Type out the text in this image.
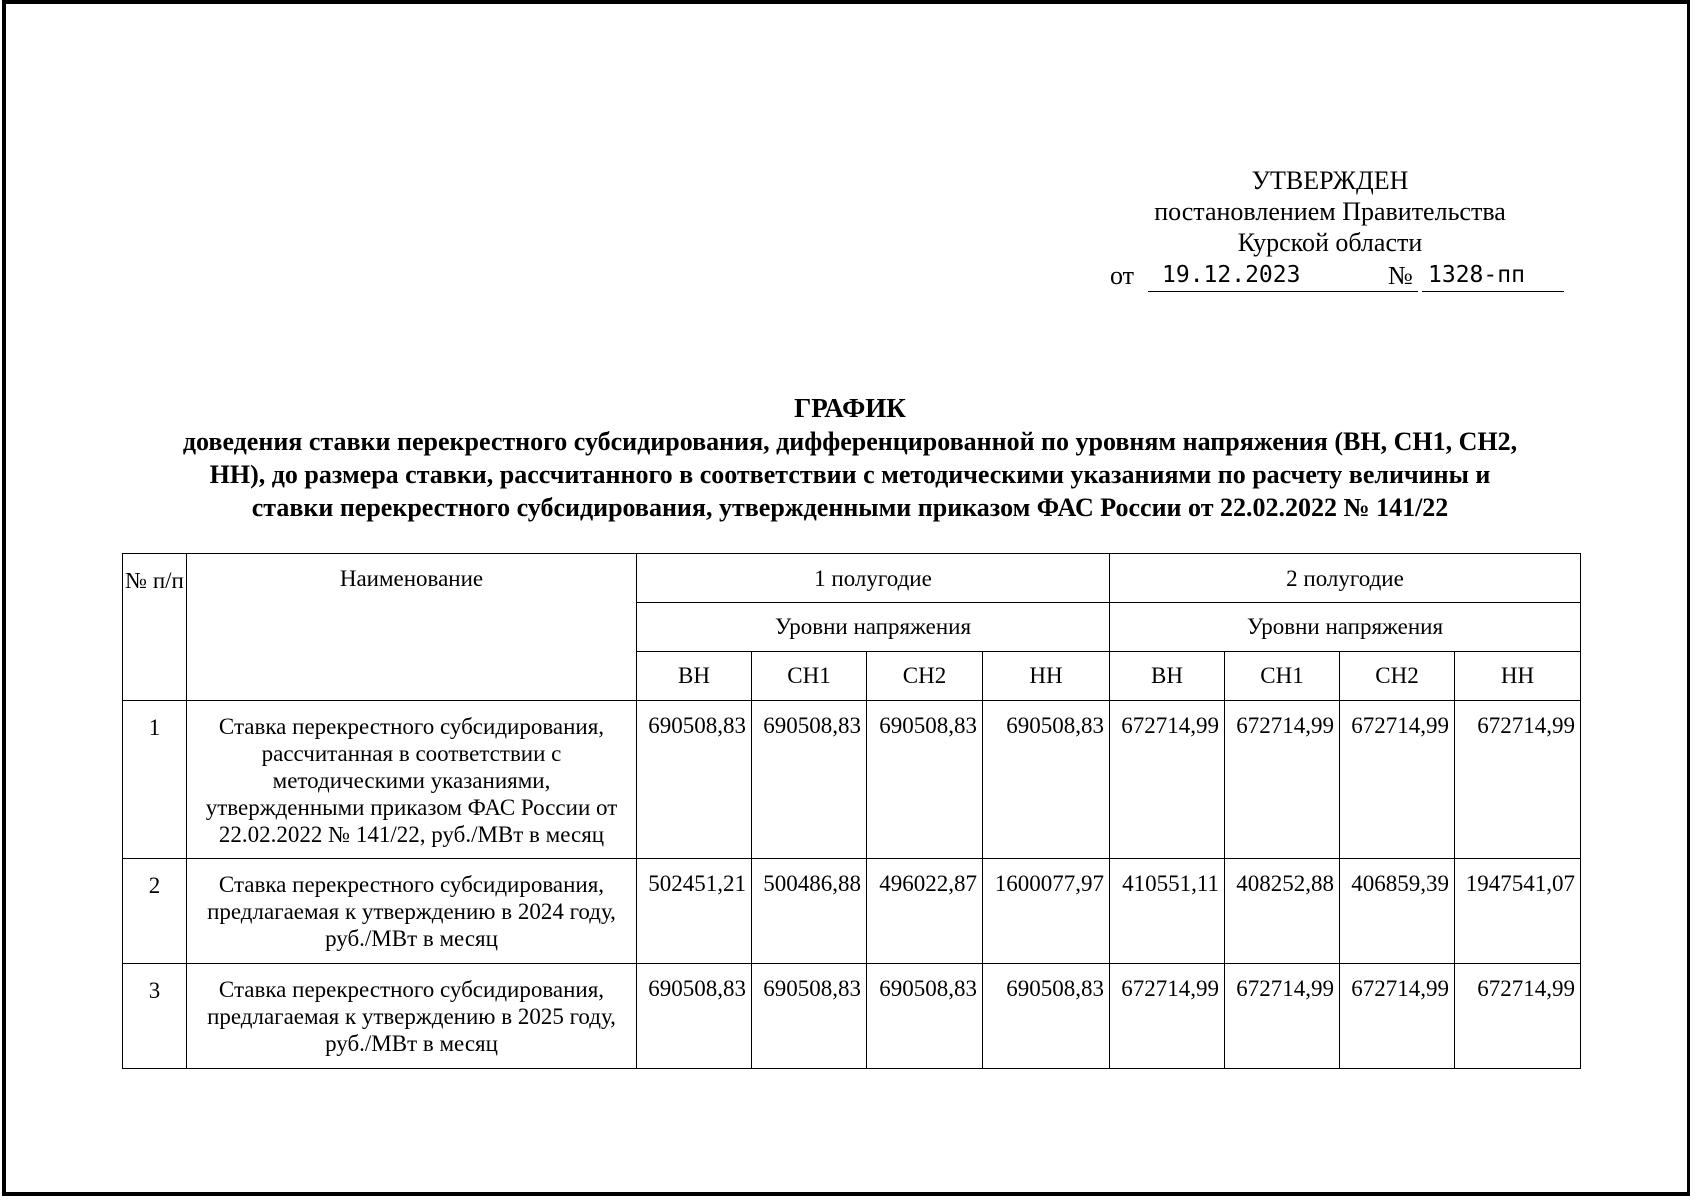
УТВЕРЖДЕН
постановлением Правительства
Курской области
от	19.12.2023	№ 1328-пп
ГРАФИК
доведения ставки перекрестного субсидирования, дифференцированной по уровням напряжения (ВН, СН1, СН2,
НН), до размера ставки, рассчитанного в соответствии с методическими указаниями по расчету величины и
ставки перекрестного субсидирования, утвержденными приказом ФАС России от 22.02.2022 № 141/22
№ п/п	Наименование	1 полугодие				2 полугодие			
		Уровни напряжения				Уровни напряжения			
		ВН	СН1	СН2	НН	ВН	СН1	СН2	НН
1	Ставка перекрестного субсидирования, рассчитанная в соответствии с методическими указаниями, утвержденными приказом ФАС России от 22.02.2022 № 141/22, руб./МВт в месяц	690508,83	690508,83	690508,83	690508,83	672714,99	672714,99	672714,99	672714,99
2	Ставка перекрестного субсидирования, предлагаемая к утверждению в 2024 году, руб./МВт в месяц	502451,21	500486,88	496022,87	1600077,97	410551,11	408252,88	406859,39	1947541,07
3	Ставка перекрестного субсидирования, предлагаемая к утверждению в 2025 году, руб./МВт в месяц	690508,83	690508,83	690508,83	690508,83	672714,99	672714,99	672714,99	672714,99
